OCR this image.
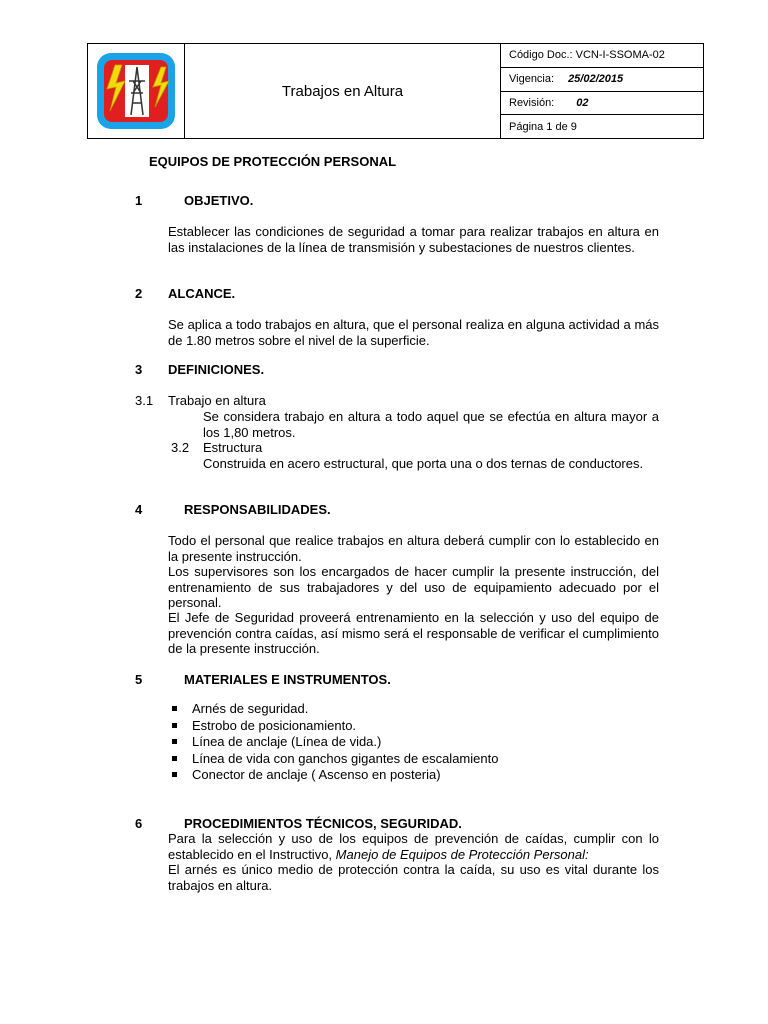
Trabajos en Altura
Código Doc.:
VCN-I-SSOMA-02
Vigencia: 25/02/2015
Revisión: 02
Página 1 de 9
EQUIPOS DE PROTECCIÓN PERSONAL
1	OBJETIVO.
Establecer las condiciones de seguridad a tomar para realizar trabajos en altura en las instalaciones de la línea de transmisión y subestaciones de nuestros clientes.
2 ALCANCE.
Se aplica a todo trabajos en altura, que el personal realiza en alguna actividad a más de 1.80 metros sobre el nivel de la superficie.
3 DEFINICIONES.
3.1 Trabajo en altura
Se considera trabajo en altura a todo aquel que se efectúa en altura mayor a los 1,80 metros.
3.2 Estructura
Construida en acero estructural, que porta una o dos ternas de conductores.
4	RESPONSABILIDADES.
Todo el personal que realice trabajos en altura deberá cumplir con lo establecido en la presente instrucción.
Los supervisores son los encargados de hacer cumplir la presente instrucción, del entrenamiento de sus trabajadores y del uso de equipamiento adecuado por el personal.
El Jefe de Seguridad proveerá entrenamiento en la selección y uso del equipo de prevención contra caídas, así mismo será el responsable de verificar el cumplimiento de la presente instrucción.
5	MATERIALES E INSTRUMENTOS.
Arnés de seguridad.
Estrobo de posicionamiento.
Línea de anclaje (Línea de vida.)
Línea de vida con ganchos gigantes de escalamiento
Conector de anclaje ( Ascenso en posteria)
6	PROCEDIMIENTOS TÉCNICOS, SEGURIDAD.
Para la selección y uso de los equipos de prevención de caídas, cumplir con lo establecido en el Instructivo, Manejo de Equipos de Protección Personal:
El arnés es único medio de protección contra la caída, su uso es vital durante los trabajos en altura.
